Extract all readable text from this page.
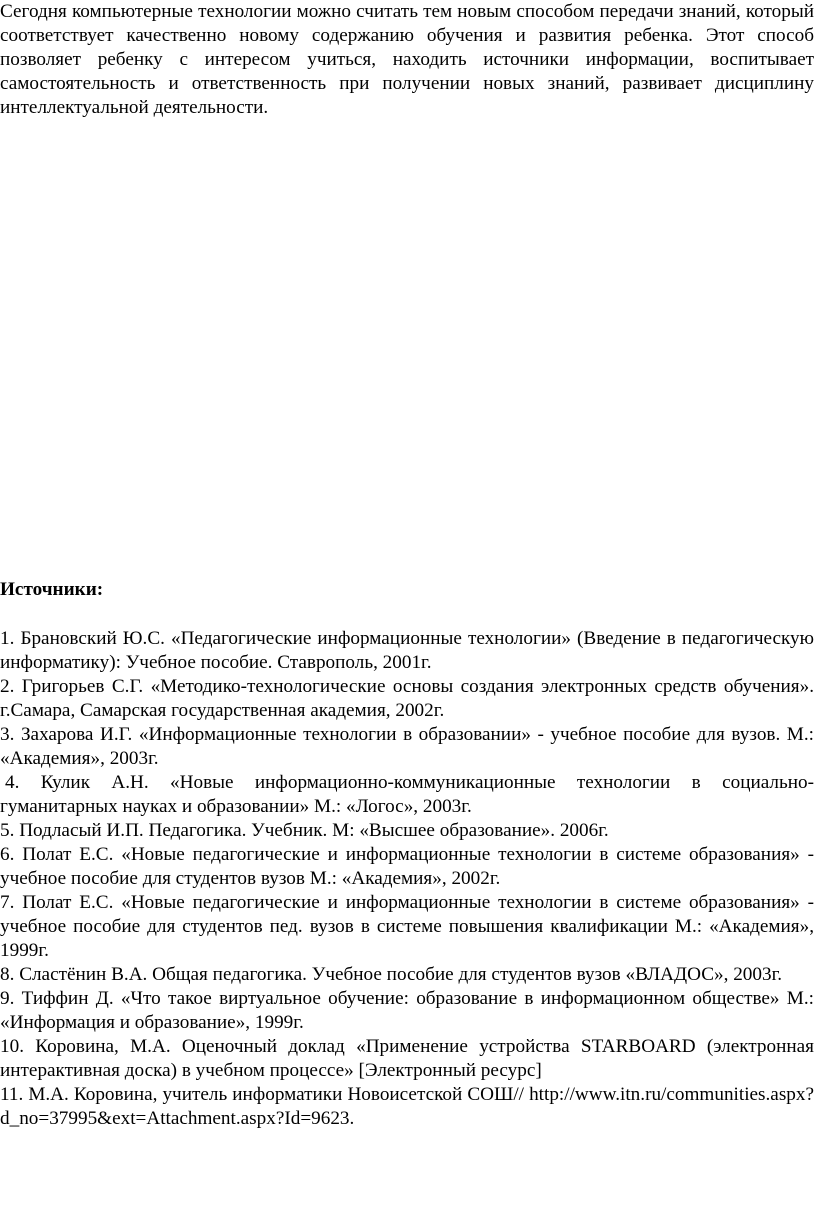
Сегодня компьютерные технологии можно считать тем новым способом передачи знаний, который соответствует качественно новому содержанию обучения и развития ребенка. Этот способ позволяет ребенку с интересом учиться, находить источники информации, воспитывает самостоятельность и ответственность при получении новых знаний, развивает дисциплину интеллектуальной деятельности.

Источники:
1. Брановский Ю.С. «Педагогические информационные технологии» (Введение в педагогическую информатику): Учебное пособие. Ставрополь, 2001г.
2. Григорьев С.Г. «Методико-технологические основы создания электронных средств обучения». г.Самара, Самарская государственная академия, 2002г.
3. Захарова И.Г. «Информационные технологии в образовании» - учебное пособие для вузов. М.: «Академия», 2003г.
4. Кулик А.Н. «Новые информационно-коммуникационные технологии в социально-гуманитарных науках и образовании» М.: «Логос», 2003г.
5. Подласый И.П. Педагогика. Учебник. М: «Высшее образование». 2006г.
6. Полат Е.С. «Новые педагогические и информационные технологии в системе образования» - учебное пособие для студентов вузов М.: «Академия», 2002г.
7. Полат Е.С. «Новые педагогические и информационные технологии в системе образования» - учебное пособие для студентов пед. вузов в системе повышения квалификации М.: «Академия», 1999г.
8. Сластёнин В.А. Общая педагогика. Учебное пособие для студентов вузов «ВЛАДОС», 2003г.
9. Тиффин Д. «Что такое виртуальное обучение: образование в информационном обществе» М.: «Информация и образование», 1999г.
10. Коровина, М.А. Оценочный доклад «Применение устройства STARBOARD (электронная интерактивная доска) в учебном процессе» [Электронный ресурс]
11. М.А. Коровина, учитель информатики Новоисетской СОШ// http://www.itn.ru/communities.aspx?d_no=37995&ext=Attachment.aspx?Id=9623.
